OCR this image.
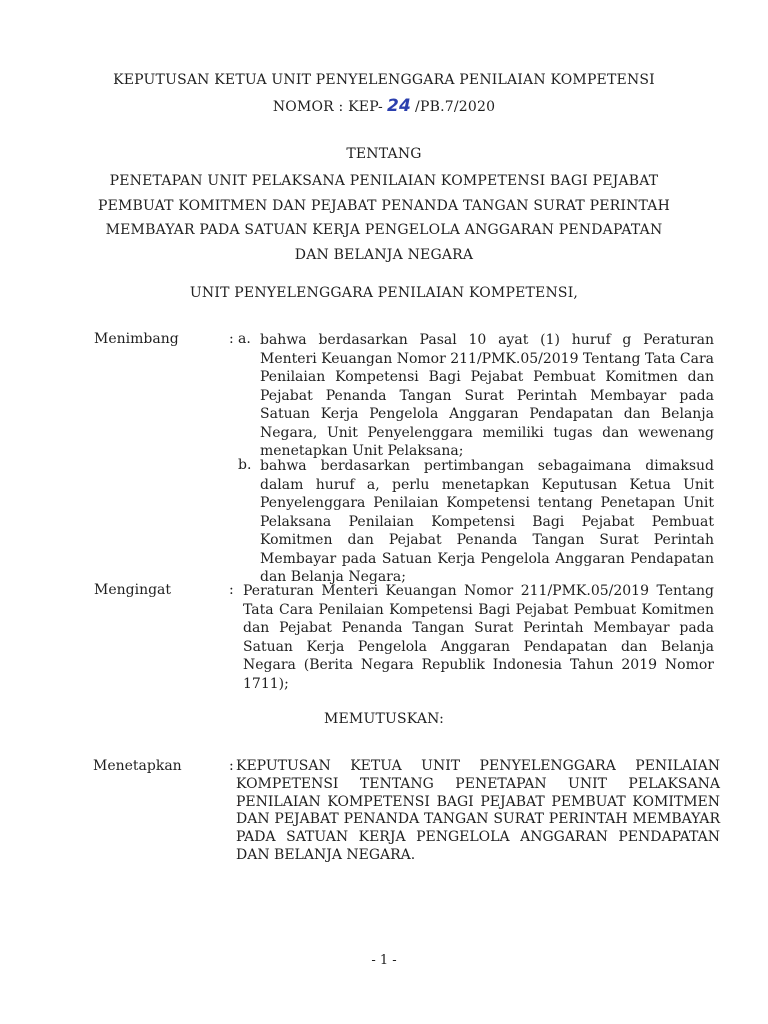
KEPUTUSAN KETUA UNIT PENYELENGGARA PENILAIAN KOMPETENSI
NOMOR : KEP- 24 /PB.7/2020
TENTANG
PENETAPAN UNIT PELAKSANA PENILAIAN KOMPETENSI BAGI PEJABAT
PEMBUAT KOMITMEN DAN PEJABAT PENANDA TANGAN SURAT PERINTAH
MEMBAYAR PADA SATUAN KERJA PENGELOLA ANGGARAN PENDAPATAN
DAN BELANJA NEGARA
UNIT PENYELENGGARA PENILAIAN KOMPETENSI,
Menimbang	: a. bahwa berdasarkan Pasal 10 ayat (1) huruf g Peraturan Menteri Keuangan Nomor 211/PMK.05/2019 Tentang Tata Cara Penilaian Kompetensi Bagi Pejabat Pembuat Komitmen dan Pejabat Penanda Tangan Surat Perintah Membayar pada Satuan Kerja Pengelola Anggaran Pendapatan dan Belanja Negara, Unit Penyelenggara memiliki tugas dan wewenang menetapkan Unit Pelaksana;

b. bahwa berdasarkan pertimbangan sebagaimana dimaksud dalam huruf a, perlu menetapkan Keputusan Ketua Unit Penyelenggara Penilaian Kompetensi tentang Penetapan Unit Pelaksana Penilaian Kompetensi Bagi Pejabat Pembuat Komitmen dan Pejabat Penanda Tangan Surat Perintah Membayar pada Satuan Kerja Pengelola Anggaran Pendapatan dan Belanja Negara;

Mengingat	: Peraturan Menteri Keuangan Nomor 211/PMK.05/2019 Tentang Tata Cara Penilaian Kompetensi Bagi Pejabat Pembuat Komitmen dan Pejabat Penanda Tangan Surat Perintah Membayar pada Satuan Kerja Pengelola Anggaran Pendapatan dan Belanja Negara (Berita Negara Republik Indonesia Tahun 2019 Nomor 1711);

MEMUTUSKAN:
Menetapkan	: KEPUTUSAN KETUA UNIT PENYELENGGARA PENILAIAN KOMPETENSI TENTANG PENETAPAN UNIT PELAKSANA PENILAIAN KOMPETENSI BAGI PEJABAT PEMBUAT KOMITMEN DAN PEJABAT PENANDA TANGAN SURAT PERINTAH MEMBAYAR PADA SATUAN KERJA PENGELOLA ANGGARAN PENDAPATAN DAN BELANJA NEGARA.

- 1 -
